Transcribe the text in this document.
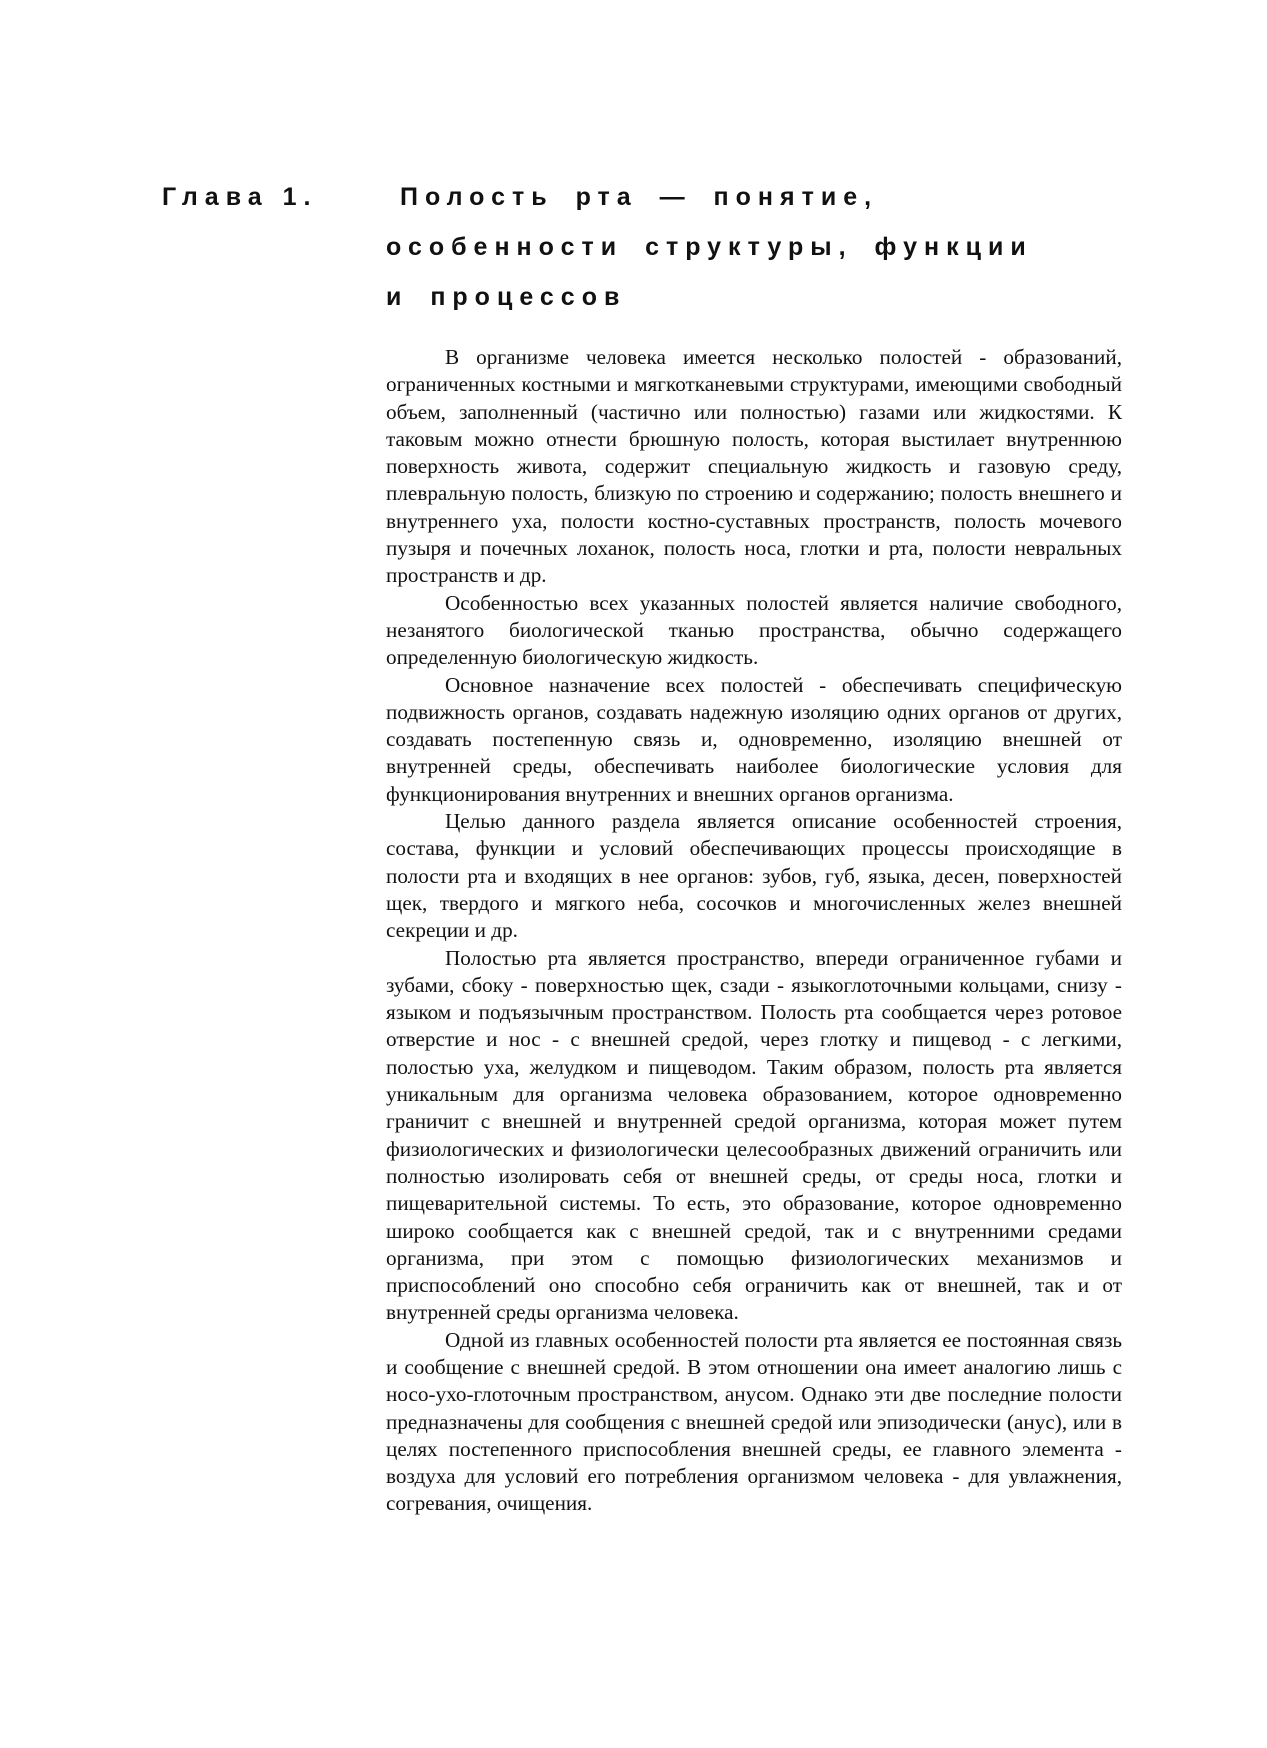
Глава 1.	Полость рта — понятие,
особенности структуры, функции
и процессов

В организме человека имеется несколько полостей - образований, ограниченных костными и мягкотканевыми структурами, имеющими свободный объем, заполненный (частично или полностью) газами или жидкостями. К таковым можно отнести брюшную полость, которая выстилает внутреннюю поверхность живота, содержит специальную жидкость и газовую среду, плевральную полость, близкую по строению и содержанию; полость внешнего и внутреннего уха, полости костно-суставных пространств, полость мочевого пузыря и почечных лоханок, полость носа, глотки и рта, полости невральных пространств и др.

Особенностью всех указанных полостей является наличие свободного, незанятого биологической тканью пространства, обычно содержащего определенную биологическую жидкость.

Основное назначение всех полостей - обеспечивать специфическую подвижность органов, создавать надежную изоляцию одних органов от других, создавать постепенную связь и, одновременно, изоляцию внешней от внутренней среды, обеспечивать наиболее биологические условия для функционирования внутренних и внешних органов организма.

Целью данного раздела является описание особенностей строения, состава, функции и условий обеспечивающих процессы происходящие в полости рта и входящих в нее органов: зубов, губ, языка, десен, поверхностей щек, твердого и мягкого неба, сосочков и многочисленных желез внешней секреции и др.

Полостью рта является пространство, впереди ограниченное губами и зубами, сбоку - поверхностью щек, сзади - языкоглоточными кольцами, снизу - языком и подъязычным пространством. Полость рта сообщается через ротовое отверстие и нос - с внешней средой, через глотку и пищевод - с легкими, полостью уха, желудком и пищеводом. Таким образом, полость рта является уникальным для организма человека образованием, которое одновременно граничит с внешней и внутренней средой организма, которая может путем физиологических и физиологически целесообразных движений ограничить или полностью изолировать себя от внешней среды, от среды носа, глотки и пищеварительной системы. То есть, это образование, которое одновременно широко сообщается как с внешней средой, так и с внутренними средами организма, при этом с помощью физиологических механизмов и приспособлений оно способно себя ограничить как от внешней, так и от внутренней среды организма человека.

Одной из главных особенностей полости рта является ее постоянная связь и сообщение с внешней средой. В этом отношении она имеет аналогию лишь с носо-ухо-глоточным пространством, анусом. Однако эти две последние полости предназначены для сообщения с внешней средой или эпизодически (анус), или в целях постепенного приспособления внешней среды, ее главного элемента - воздуха для условий его потребления организмом человека - для увлажнения, согревания, очищения.
